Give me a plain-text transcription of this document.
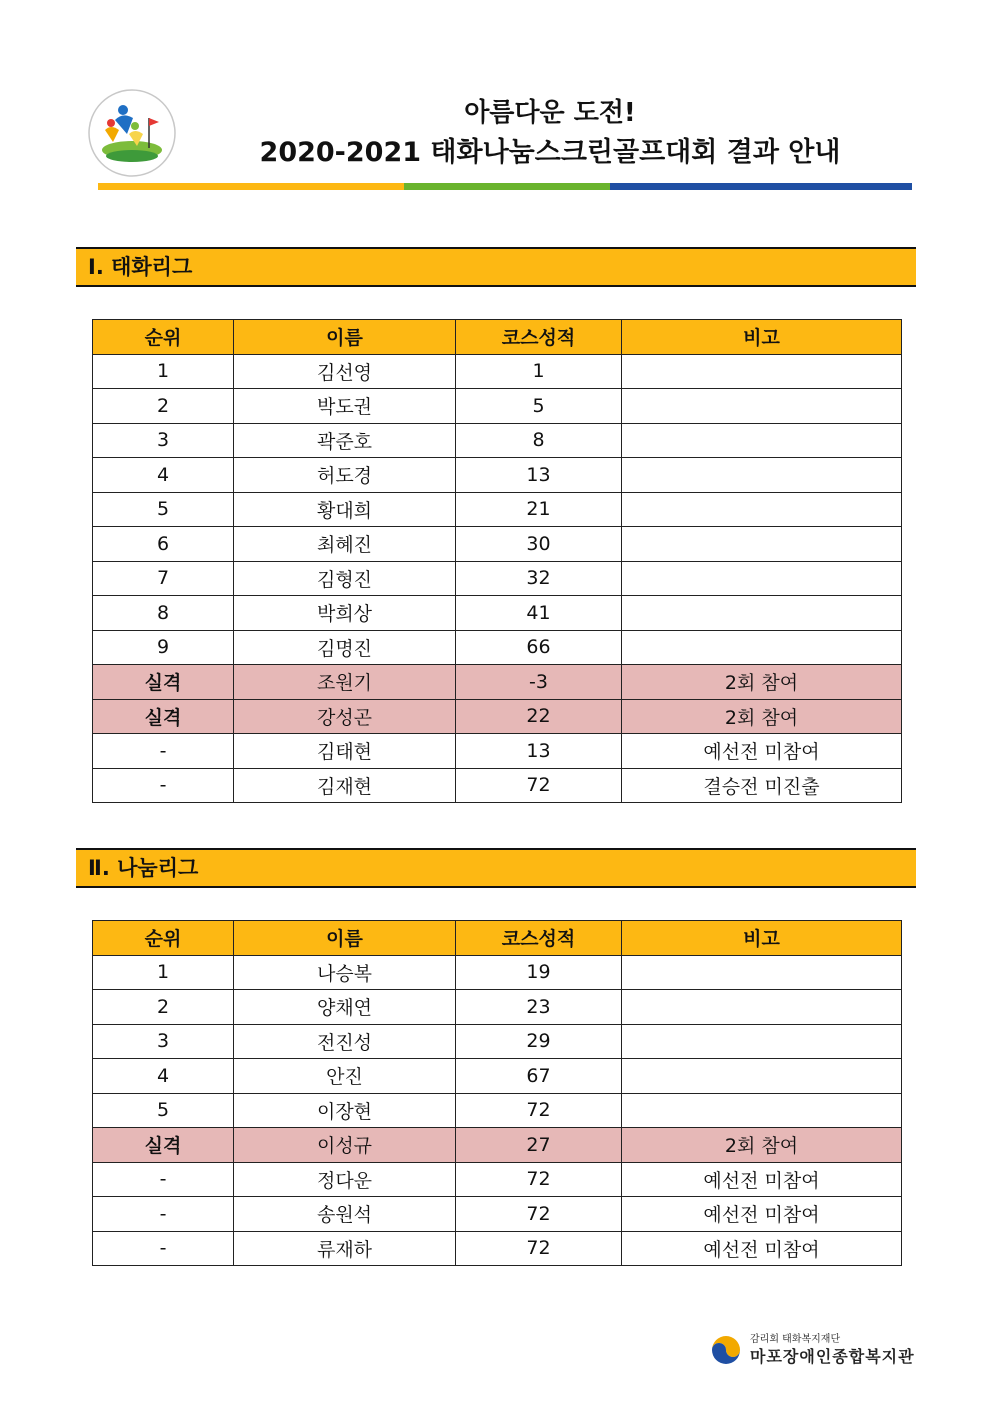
아름다운 도전!
2020-2021 태화나눔스크린골프대회 결과 안내
Ⅰ. 태화리그
순위	이름	코스성적	비고
1	김선영	1	
2	박도권	5	
3	곽준호	8	
4	허도경	13	
5	황대희	21	
6	최혜진	30	
7	김형진	32	
8	박희상	41	
9	김명진	66	
실격	조원기	-3	2회 참여
실격	강성곤	22	2회 참여
-	김태현	13	예선전 미참여
-	김재현	72	결승전 미진출
Ⅱ. 나눔리그
순위	이름	코스성적	비고
1	나승복	19	
2	양채연	23	
3	전진성	29	
4	안진	67	
5	이장현	72	
실격	이성규	27	2회 참여
-	정다운	72	예선전 미참여
-	송원석	72	예선전 미참여
-	류재하	72	예선전 미참여
감리회 태화복지재단
마포장애인종합복지관
